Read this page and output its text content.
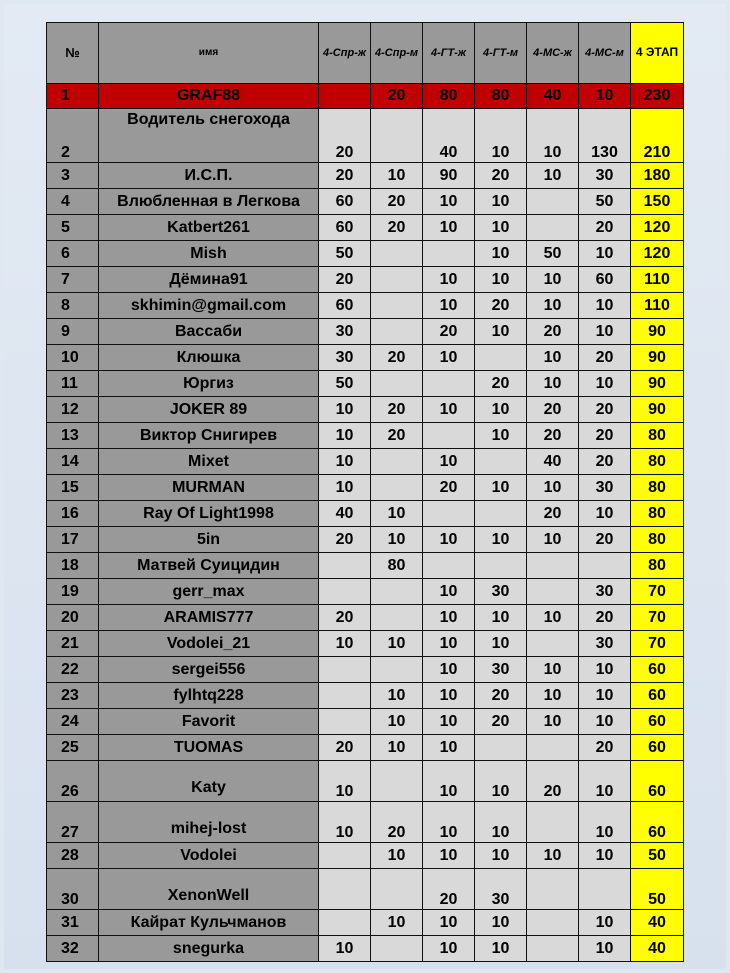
№	имя	4-Спр-ж	4-Спр-м	4-ГТ-ж	4-ГТ-м	4-МС-ж	4-МС-м	4 ЭТАП
1	GRAF88		20	80	80	40	10	230
2	Водитель снегохода	20		40	10	10	130	210
3	И.С.П.	20	10	90	20	10	30	180
4	Влюбленная в Легкова	60	20	10	10		50	150
5	Katbert261	60	20	10	10		20	120
6	Mish	50			10	50	10	120
7	Дёмина91	20		10	10	10	60	110
8	skhimin@gmail.com	60		10	20	10	10	110
9	Вассаби	30		20	10	20	10	90
10	Клюшка	30	20	10		10	20	90
11	Юргиз	50			20	10	10	90
12	JOKER 89	10	20	10	10	20	20	90
13	Виктор Снигирев	10	20		10	20	20	80
14	Mixet	10		10		40	20	80
15	MURMAN	10		20	10	10	30	80
16	Ray Of Light1998	40	10			20	10	80
17	5in	20	10	10	10	10	20	80
18	Матвей Суицидин		80					80
19	gerr_max			10	30		30	70
20	ARAMIS777	20		10	10	10	20	70
21	Vodolei_21	10	10	10	10		30	70
22	sergei556			10	30	10	10	60
23	fylhtq228		10	10	20	10	10	60
24	Favorit		10	10	20	10	10	60
25	TUOMAS	20	10	10			20	60
26	Katy	10		10	10	20	10	60
27	mihej-lost	10	20	10	10		10	60
28	Vodolei		10	10	10	10	10	50
30	XenonWell			20	30			50
31	Кайрат Кульчманов		10	10	10		10	40
32	snegurka	10		10	10		10	40
